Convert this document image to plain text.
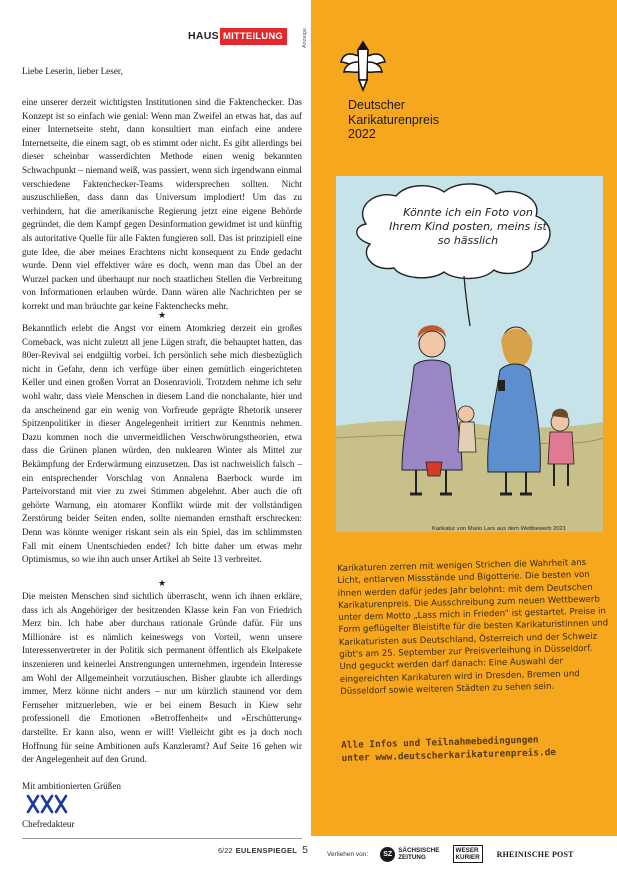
HAUS MITTEILUNG
Liebe Leserin, lieber Leser,

eine unserer derzeit wichtigsten Institutionen sind die Faktenchecker. Das Konzept ist so einfach wie genial: Wenn man Zweifel an etwas hat, das auf einer Internetseite steht, dann konsultiert man einfach eine andere Internetseite, die einem sagt, ob es stimmt oder nicht. Es gibt allerdings bei dieser scheinbar wasserdichten Methode einen wenig bekannten Schwachpunkt – niemand weiß, was passiert, wenn sich irgendwann einmal verschiedene Faktenchecker-Teams widersprechen sollten. Nicht auszuschließen, dass dann das Universum implodiert! Um das zu verhindern, hat die amerikanische Regierung jetzt eine eigene Behörde gegründet, die dem Kampf gegen Desinformation gewidmet ist und künftig als autoritative Quelle für alle Fakten fungieren soll. Das ist prinzipiell eine gute Idee, die aber meines Erachtens nicht konsequent zu Ende gedacht wurde. Denn viel effektiver wäre es doch, wenn man das Übel an der Wurzel packen und überhaupt nur noch staatlichen Stellen die Verbreitung von Informationen erlauben würde. Dann wären alle Nachrichten per se korrekt und man bräuchte gar keine Faktenchecks mehr.

★

Bekanntlich erlebt die Angst vor einem Atomkrieg derzeit ein großes Comeback, was nicht zuletzt all jene Lügen straft, die behauptet hatten, das 80er-Revival sei endgültig vorbei. Ich persönlich sehe mich diesbezüglich nicht in Gefahr, denn ich verfüge über einen gemütlich eingerichteten Keller und einen großen Vorrat an Dosenravioli. Trotzdem nehme ich sehr wohl wahr, dass viele Menschen in diesem Land die nonchalante, hier und da anscheinend gar ein wenig von Vorfreude geprägte Rhetorik unserer Spitzenpolitiker in dieser Angelegenheit irritiert zur Kenntnis nehmen. Dazu kommen noch die unvermeidlichen Verschwörungstheorien, etwa dass die Grünen planen würden, den nuklearen Winter als Mittel zur Bekämpfung der Erderwärmung einzusetzen. Das ist nachweislich falsch – ein entsprechender Vorschlag von Annalena Baerbock wurde im Parteivorstand mit vier zu zwei Stimmen abgelehnt. Aber auch die oft gehörte Warnung, ein atomarer Konflikt würde mit der vollständigen Zerstörung beider Seiten enden, sollte niemanden ernsthaft erschrecken: Denn was könnte weniger riskant sein als ein Spiel, das im schlimmsten Fall mit einem Unentschieden endet? Ich bitte daher um etwas mehr Optimismus, so wie ihn auch unser Artikel ab Seite 13 verbreitet.

★

Die meisten Menschen sind sichtlich überrascht, wenn ich ihnen erkläre, dass ich als Angehöriger der besitzenden Klasse kein Fan von Friedrich Merz bin. Ich habe aber durchaus rationale Gründe dafür. Für uns Millionäre ist es nämlich keineswegs von Vorteil, wenn unsere Interessenvertreter in der Politik sich permanent öffentlich als Ekelpakete inszenieren und keinerlei Anstrengungen unternehmen, irgendein Interesse am Wohl der Allgemeinheit vorzutäuschen. Bisher glaubte ich allerdings immer, Merz könne nicht anders – nur um kürzlich staunend vor dem Fernseher mitzuerleben, wie er bei einem Besuch in Kiew sehr professionell die Emotionen »Betroffenheit« und »Erschütterung« darstellte. Er kann also, wenn er will! Vielleicht gibt es ja doch noch Hoffnung für seine Ambitionen aufs Kanzleramt? Auf Seite 16 gehen wir der Angelegenheit auf den Grund.

Mit ambitionierten Grüßen
Chefredakteur
6/22 EULENSPIEGEL 5
Anzeige
Deutscher
Karikaturenpreis
2022
Könnte ich ein Foto von Ihrem Kind posten, meins ist so hässlich
Karikatur von Mario Lars aus dem Wettbewerb 2021

Karikaturen zerren mit wenigen Strichen die Wahrheit ans Licht, entlarven Missstände und Bigotterie. Die besten von ihnen werden dafür jedes Jahr belohnt: mit dem Deutschen Karikaturenpreis. Die Ausschreibung zum neuen Wettbewerb unter dem Motto „Lass mich in Frieden“ ist gestartet. Preise in Form geflügelter Bleistifte für die besten Karikaturistinnen und Karikaturisten aus Deutschland, Österreich und der Schweiz gibt's am 25. September zur Preisverleihung in Düsseldorf. Und geguckt werden darf danach: Eine Auswahl der eingereichten Karikaturen wird in Dresden, Bremen und Düsseldorf sowie weiteren Städten zu sehen sein.

Alle Infos und Teilnahmebedingungen
unter www.deutscherkarikaturenpreis.de
Verliehen von:	SZ SÄCHSISCHE
ZEITUNG
WESER
KURIER	RHEINISCHE POST
